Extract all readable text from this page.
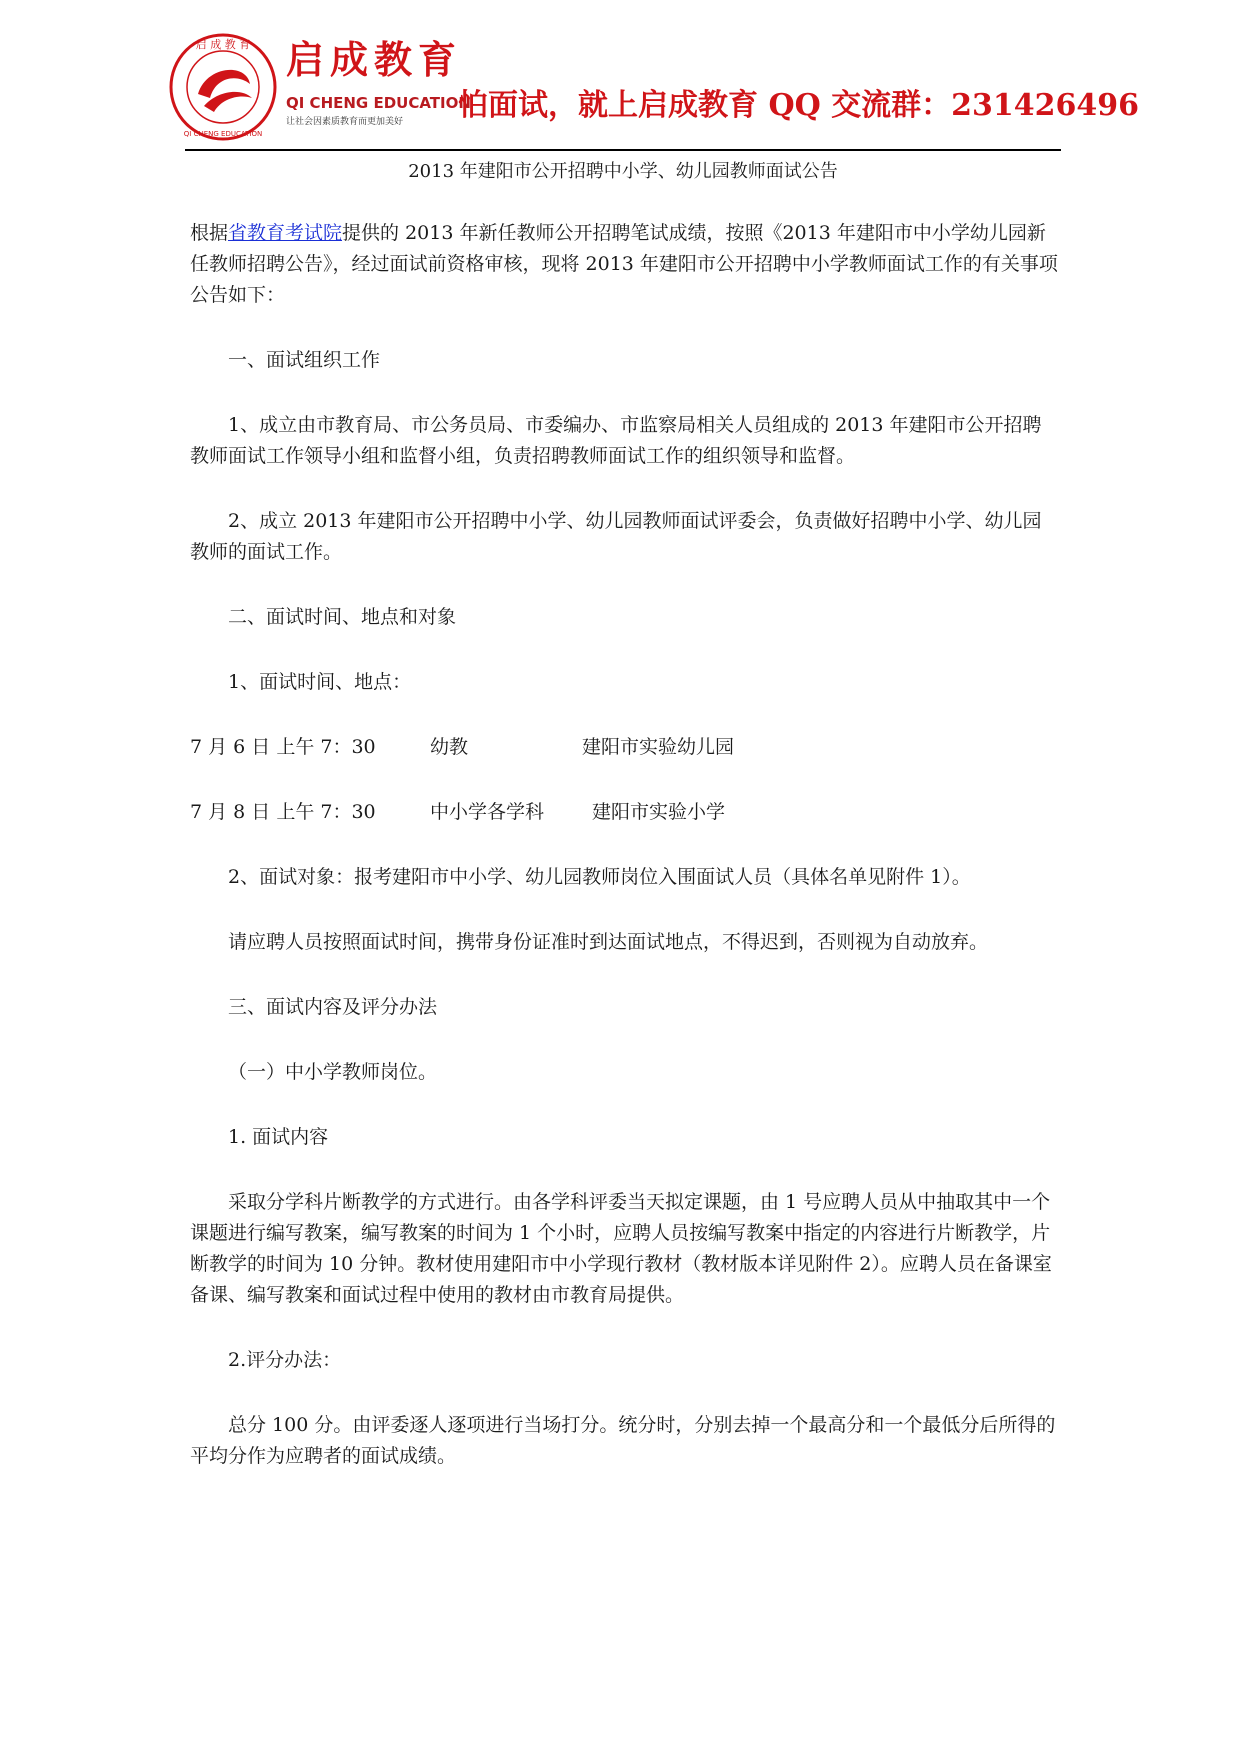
启 成 教 育
QI CHENG EDUCATION
启成教育
QI CHENG EDUCATION
让社会因素质教育而更加美好 怕面试，就上启成教育 QQ 交流群：231426496
2013 年建阳市公开招聘中小学、幼儿园教师面试公告

根据省教育考试院提供的 2013 年新任教师公开招聘笔试成绩，按照《2013 年建阳市中小学幼儿园新任教师招聘公告》，经过面试前资格审核，现将 2013 年建阳市公开招聘中小学教师面试工作的有关事项公告如下：

一、面试组织工作

1、成立由市教育局、市公务员局、市委编办、市监察局相关人员组成的 2013 年建阳市公开招聘教师面试工作领导小组和监督小组，负责招聘教师面试工作的组织领导和监督。

2、成立 2013 年建阳市公开招聘中小学、幼儿园教师面试评委会，负责做好招聘中小学、幼儿园教师的面试工作。

二、面试时间、地点和对象

1、面试时间、地点：

7 月 6 日 上午 7：30	幼教	建阳市实验幼儿园

7 月 8 日 上午 7：30	中小学各学科	建阳市实验小学

2、面试对象：报考建阳市中小学、幼儿园教师岗位入围面试人员（具体名单见附件 1）。

请应聘人员按照面试时间，携带身份证准时到达面试地点，不得迟到，否则视为自动放弃。

三、面试内容及评分办法

（一）中小学教师岗位。

1. 面试内容

采取分学科片断教学的方式进行。由各学科评委当天拟定课题，由 1 号应聘人员从中抽取其中一个课题进行编写教案，编写教案的时间为 1 个小时，应聘人员按编写教案中指定的内容进行片断教学，片断教学的时间为 10 分钟。教材使用建阳市中小学现行教材（教材版本详见附件 2）。应聘人员在备课室备课、编写教案和面试过程中使用的教材由市教育局提供。

2.评分办法：

总分 100 分。由评委逐人逐项进行当场打分。统分时，分别去掉一个最高分和一个最低分后所得的平均分作为应聘者的面试成绩。
